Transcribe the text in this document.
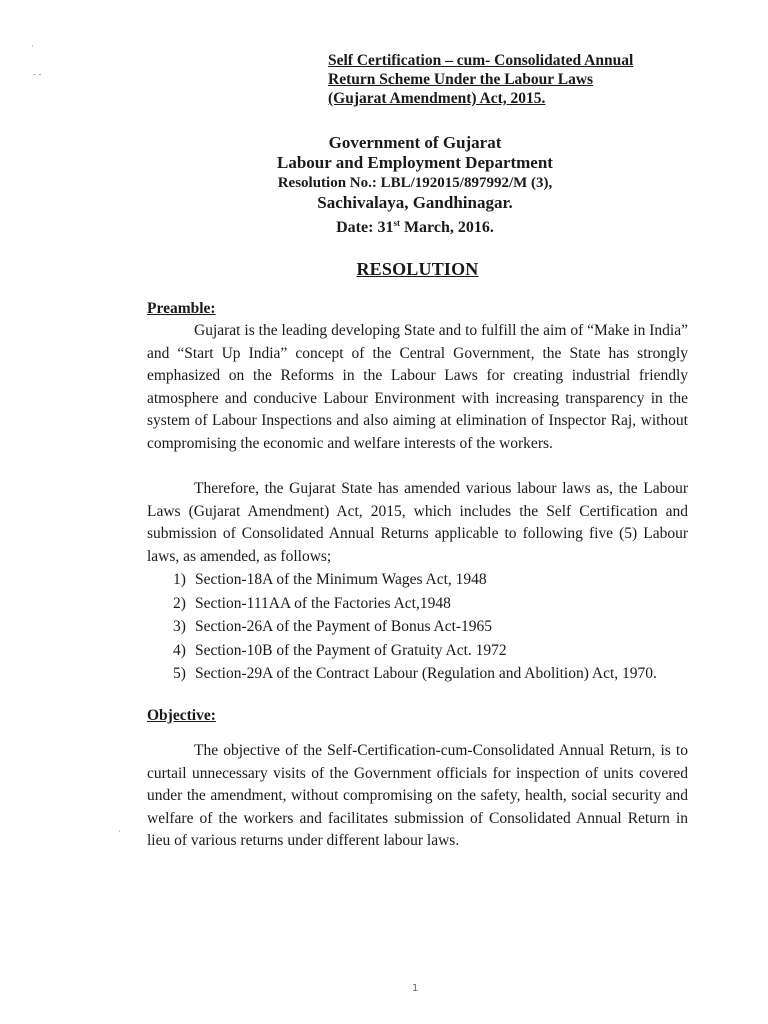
·
- -
·
Self Certification – cum- Consolidated Annual
Return Scheme Under the Labour Laws
(Gujarat Amendment) Act, 2015.
Government of Gujarat
Labour and Employment Department
Resolution No.: LBL/192015/897992/M (3),
Sachivalaya, Gandhinagar.
Date: 31st March, 2016.
RESOLUTION
Preamble:
Gujarat is the leading developing State and to fulfill the aim of “Make in India” and “Start Up India” concept of the Central Government, the State has strongly emphasized on the Reforms in the Labour Laws for creating industrial friendly atmosphere and conducive Labour Environment with increasing transparency in the system of Labour Inspections and also aiming at elimination of Inspector Raj, without compromising the economic and welfare interests of the workers.
Therefore, the Gujarat State has amended various labour laws as, the Labour Laws (Gujarat Amendment) Act, 2015, which includes the Self Certification and submission of Consolidated Annual Returns applicable to following five (5) Labour laws, as amended, as follows;
1) Section-18A of the Minimum Wages Act, 1948
2) Section-111AA of the Factories Act,1948
3) Section-26A of the Payment of Bonus Act-1965
4) Section-10B of the Payment of Gratuity Act. 1972
5) Section-29A of the Contract Labour (Regulation and Abolition) Act, 1970.
Objective:
The objective of the Self-Certification-cum-Consolidated Annual Return, is to curtail unnecessary visits of the Government officials for inspection of units covered under the amendment, without compromising on the safety, health, social security and welfare of the workers and facilitates submission of Consolidated Annual Return in lieu of various returns under different labour laws.
1
